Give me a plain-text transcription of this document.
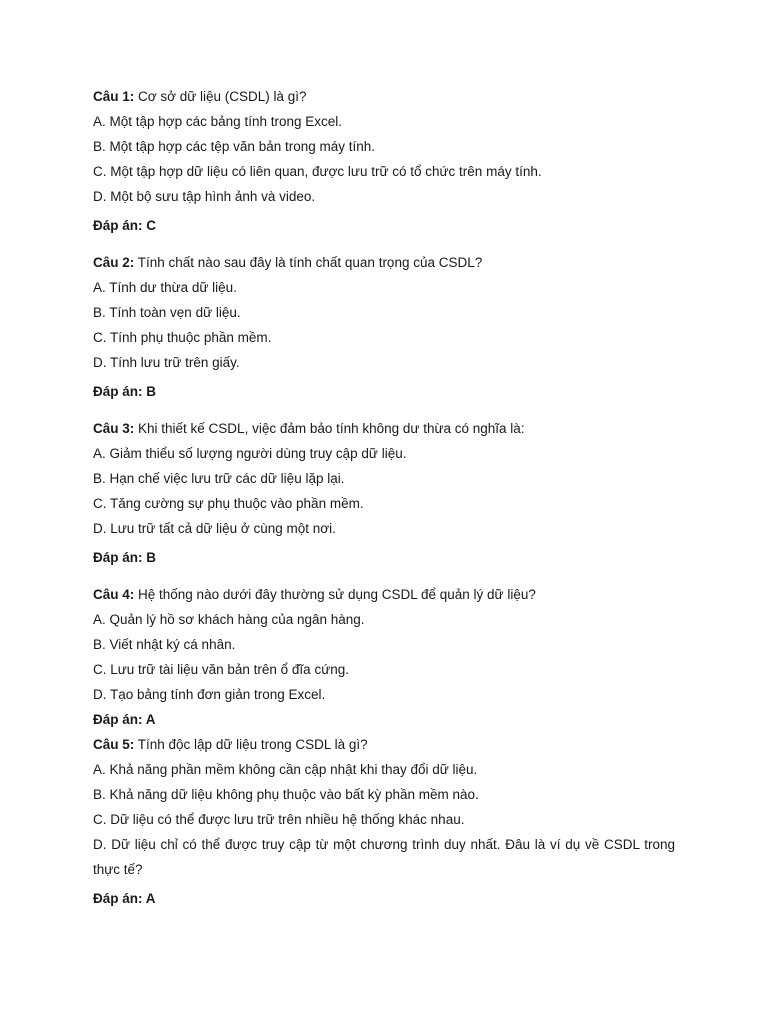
Câu 1: Cơ sở dữ liệu (CSDL) là gì?
A. Một tập hợp các bảng tính trong Excel.
B. Một tập hợp các tệp văn bản trong máy tính.
C. Một tập hợp dữ liệu có liên quan, được lưu trữ có tổ chức trên máy tính.
D. Một bộ sưu tập hình ảnh và video.
Đáp án: C
Câu 2: Tính chất nào sau đây là tính chất quan trọng của CSDL?
A. Tính dư thừa dữ liệu.
B. Tính toàn vẹn dữ liệu.
C. Tính phụ thuộc phần mềm.
D. Tính lưu trữ trên giấy.
Đáp án: B
Câu 3: Khi thiết kế CSDL, việc đảm bảo tính không dư thừa có nghĩa là:
A. Giảm thiểu số lượng người dùng truy cập dữ liệu.
B. Hạn chế việc lưu trữ các dữ liệu lặp lại.
C. Tăng cường sự phụ thuộc vào phần mềm.
D. Lưu trữ tất cả dữ liệu ở cùng một nơi.
Đáp án: B
Câu 4: Hệ thống nào dưới đây thường sử dụng CSDL để quản lý dữ liệu?
A. Quản lý hồ sơ khách hàng của ngân hàng.
B. Viết nhật ký cá nhân.
C. Lưu trữ tài liệu văn bản trên ổ đĩa cứng.
D. Tạo bảng tính đơn giản trong Excel.
Đáp án: A
Câu 5: Tính độc lập dữ liệu trong CSDL là gì?
A. Khả năng phần mềm không cần cập nhật khi thay đổi dữ liệu.
B. Khả năng dữ liệu không phụ thuộc vào bất kỳ phần mềm nào.
C. Dữ liệu có thể được lưu trữ trên nhiều hệ thống khác nhau.
D. Dữ liệu chỉ có thể được truy cập từ một chương trình duy nhất. Đâu là ví dụ về CSDL trong thực tế?
Đáp án: A
